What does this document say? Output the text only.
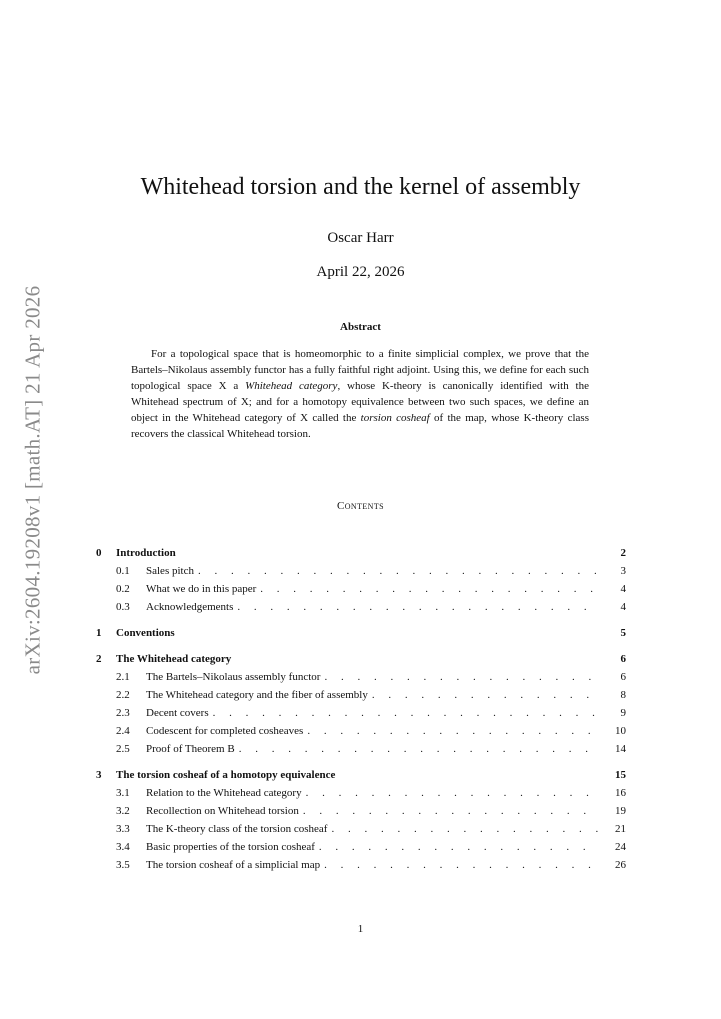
arXiv:2604.19208v1 [math.AT] 21 Apr 2026
Whitehead torsion and the kernel of assembly
Oscar Harr
April 22, 2026
Abstract

For a topological space that is homeomorphic to a finite simplicial complex, we prove that the Bartels–Nikolaus assembly functor has a fully faithful right adjoint. Using this, we define for each such topological space X a Whitehead category, whose K-theory is canonically identified with the Whitehead spectrum of X; and for a homotopy equivalence between two such spaces, we define an object in the Whitehead category of X called the torsion cosheaf of the map, whose K-theory class recovers the classical Whitehead torsion.

Contents
0	Introduction	2
0.1	Sales pitch . . .	3
0.2	What we do in this paper . . .	4
0.3	Acknowledgements . . .	4
1	Conventions	5
2	The Whitehead category	6
2.1	The Bartels–Nikolaus assembly functor . . .	6
2.2	The Whitehead category and the fiber of assembly . . .	8
2.3	Decent covers . . .	9
2.4	Codescent for completed cosheaves . . .	10
2.5	Proof of Theorem B . . .	14
3	The torsion cosheaf of a homotopy equivalence	15
3.1	Relation to the Whitehead category . . .	16
3.2	Recollection on Whitehead torsion . . .	19
3.3	The K-theory class of the torsion cosheaf . . .	21
3.4	Basic properties of the torsion cosheaf . . .	24
3.5	The torsion cosheaf of a simplicial map . . .	26
1
